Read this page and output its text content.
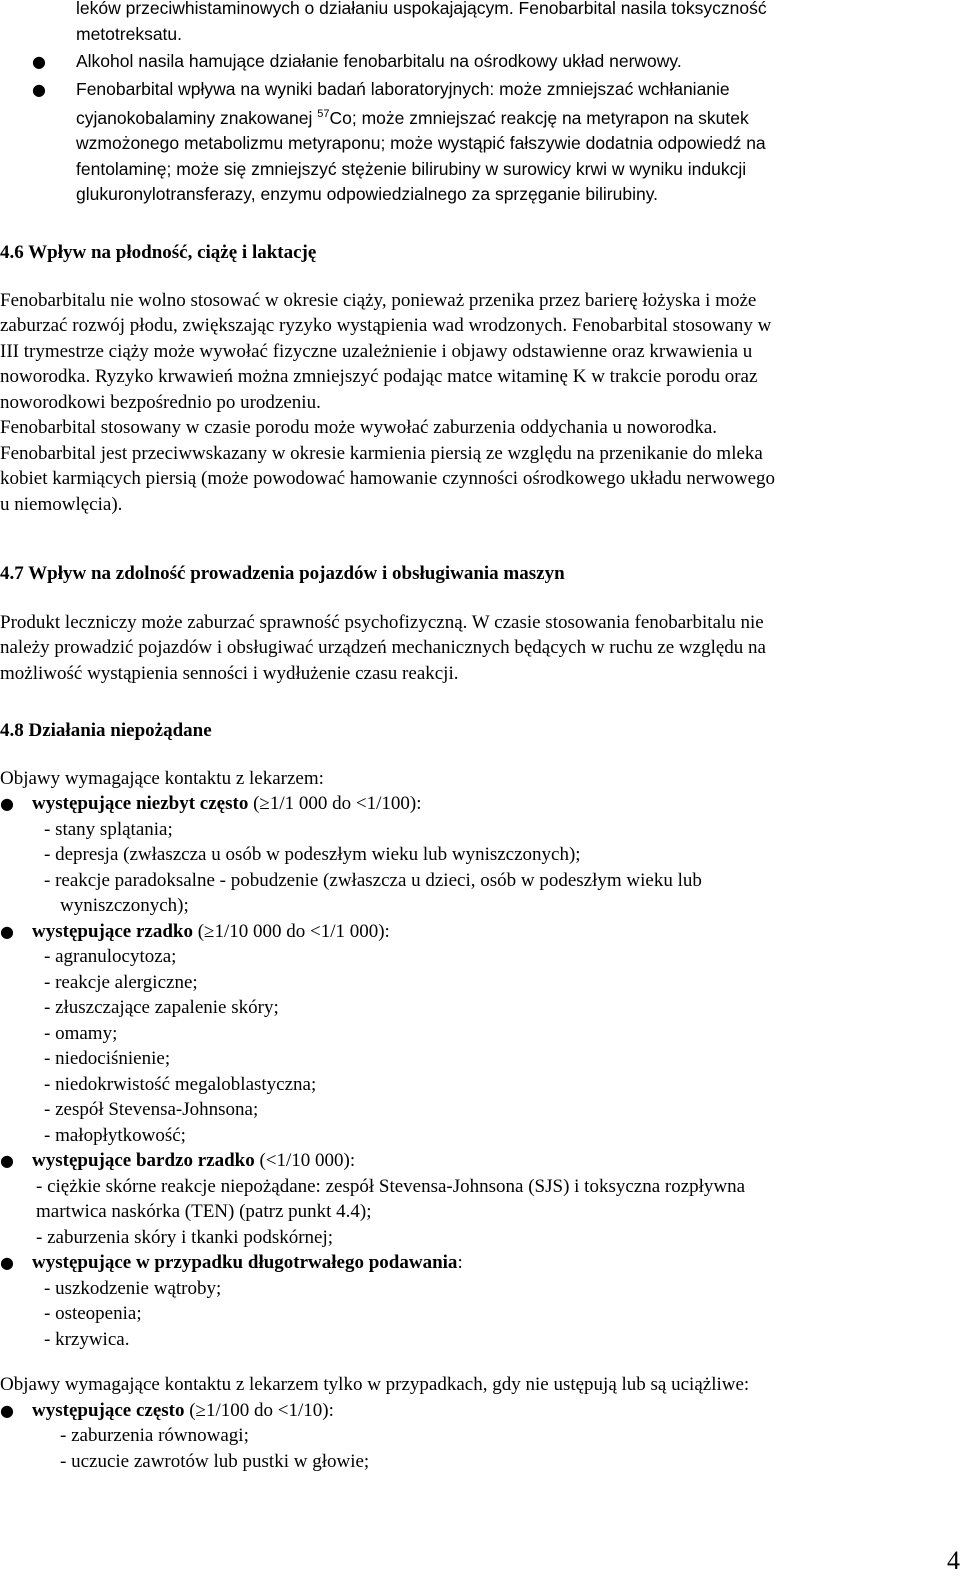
leków przeciwhistaminowych o działaniu uspokajającym. Fenobarbital nasila toksyczność
metotreksatu.
● Alkohol nasila hamujące działanie fenobarbitalu na ośrodkowy układ nerwowy.
● Fenobarbital wpływa na wyniki badań laboratoryjnych: może zmniejszać wchłanianie
cyjanokobalaminy znakowanej $^{57}$Co; może zmniejszać reakcję na metyrapon na skutek
wzmożonego metabolizmu metyraponu; może wystąpić fałszywie dodatnia odpowiedź na
fentolaminę; może się zmniejszyć stężenie bilirubiny w surowicy krwi w wyniku indukcji
glukuronylotransferazy, enzymu odpowiedzialnego za sprzęganie bilirubiny.
4.6 Wpływ na płodność, ciążę i laktację
Fenobarbitalu nie wolno stosować w okresie ciąży, ponieważ przenika przez barierę łożyska i może
zaburzać rozwój płodu, zwiększając ryzyko wystąpienia wad wrodzonych. Fenobarbital stosowany w
III trymestrze ciąży może wywołać fizyczne uzależnienie i objawy odstawienne oraz krwawienia u
noworodka. Ryzyko krwawień można zmniejszyć podając matce witaminę K w trakcie porodu oraz
noworodkowi bezpośrednio po urodzeniu.
Fenobarbital stosowany w czasie porodu może wywołać zaburzenia oddychania u noworodka.
Fenobarbital jest przeciwwskazany w okresie karmienia piersią ze względu na przenikanie do mleka
kobiet karmiących piersią (może powodować hamowanie czynności ośrodkowego układu nerwowego
u niemowlęcia).
4.7 Wpływ na zdolność prowadzenia pojazdów i obsługiwania maszyn
Produkt leczniczy może zaburzać sprawność psychofizyczną. W czasie stosowania fenobarbitalu nie
należy prowadzić pojazdów i obsługiwać urządzeń mechanicznych będących w ruchu ze względu na
możliwość wystąpienia senności i wydłużenie czasu reakcji.
4.8 Działania niepożądane
Objawy wymagające kontaktu z lekarzem:
● występujące niezbyt często (≥1/1 000 do <1/100):
- stany splątania;
- depresja (zwłaszcza u osób w podeszłym wieku lub wyniszczonych);
- reakcje paradoksalne - pobudzenie (zwłaszcza u dzieci, osób w podeszłym wieku lub
wyniszczonych);
● występujące rzadko (≥1/10 000 do <1/1 000):
- agranulocytoza;
- reakcje alergiczne;
- złuszczające zapalenie skóry;
- omamy;
- niedociśnienie;
- niedokrwistość megaloblastyczna;
- zespół Stevensa-Johnsona;
- małopłytkowość;
● występujące bardzo rzadko (<1/10 000):
- ciężkie skórne reakcje niepożądane: zespół Stevensa-Johnsona (SJS) i toksyczna rozpływna
martwica naskórka (TEN) (patrz punkt 4.4);
- zaburzenia skóry i tkanki podskórnej;
● występujące w przypadku długotrwałego podawania:
- uszkodzenie wątroby;
- osteopenia;
- krzywica.
Objawy wymagające kontaktu z lekarzem tylko w przypadkach, gdy nie ustępują lub są uciążliwe:
● występujące często (≥1/100 do <1/10):
- zaburzenia równowagi;
- uczucie zawrotów lub pustki w głowie;
4
